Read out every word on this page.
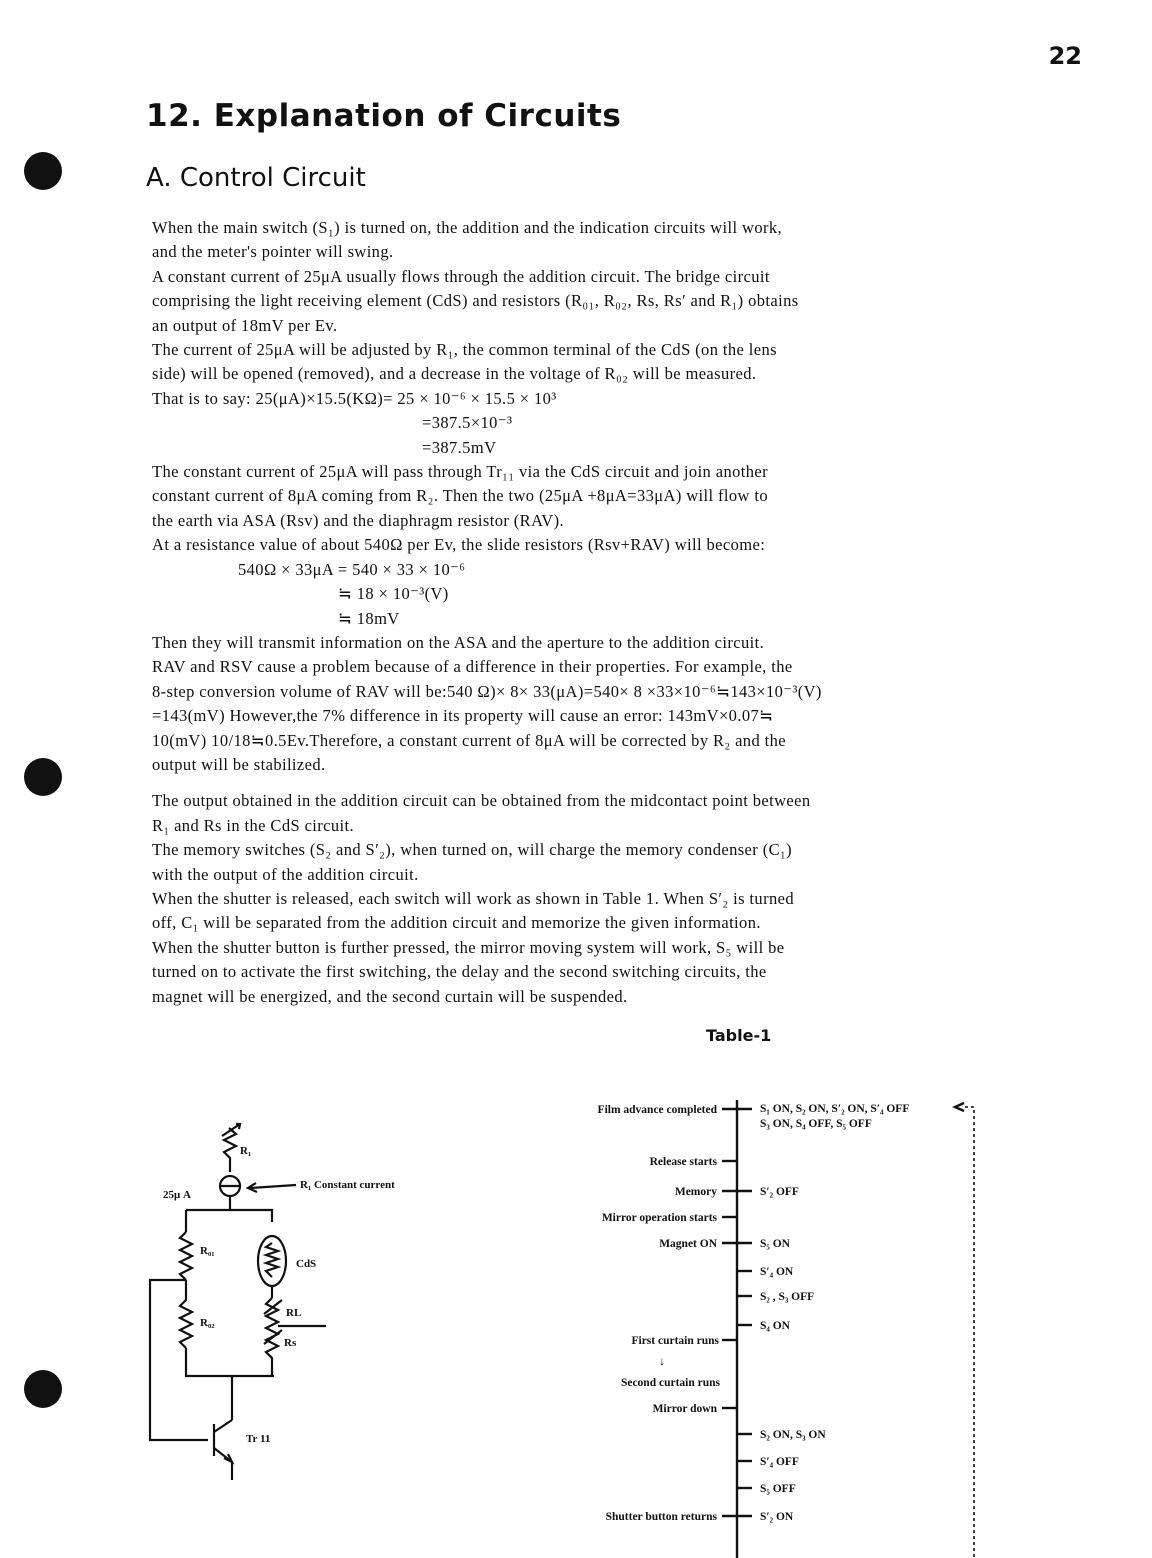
22
12. Explanation of Circuits
A. Control Circuit
When the main switch (S₁) is turned on, the addition and the indication circuits will work,
and the meter's pointer will swing.
A constant current of 25μA usually flows through the addition circuit. The bridge circuit
comprising the light receiving element (CdS) and resistors (R₀₁, R₀₂, Rs, Rs′ and R₁) obtains
an output of 18mV per Ev.
The current of 25μA will be adjusted by R₁, the common terminal of the CdS (on the lens
side) will be opened (removed), and a decrease in the voltage of R₀₂ will be measured.
That is to say: 25(μA)×15.5(KΩ)= 25 × 10⁻⁶ × 15.5 × 10³
=387.5×10⁻³
=387.5mV
The constant current of 25μA will pass through Tr₁₁ via the CdS circuit and join another
constant current of 8μA coming from R₂. Then the two (25μA +8μA=33μA) will flow to
the earth via ASA (Rsv) and the diaphragm resistor (RAV).
At a resistance value of about 540Ω per Ev, the slide resistors (Rsv+RAV) will become:
540Ω × 33μA = 540 × 33 × 10⁻⁶
≒ 18 × 10⁻³(V)
≒ 18mV
Then they will transmit information on the ASA and the aperture to the addition circuit.
RAV and RSV cause a problem because of a difference in their properties. For example, the
8-step conversion volume of RAV will be:540 Ω)× 8× 33(μA)=540× 8 ×33×10⁻⁶≒143×10⁻³(V)
=143(mV) However,the 7% difference in its property will cause an error: 143mV×0.07≒
10(mV) 10/18≒0.5Ev.Therefore, a constant current of 8μA will be corrected by R₂ and the
output will be stabilized.
The output obtained in the addition circuit can be obtained from the midcontact point between
R₁ and Rs in the CdS circuit.
The memory switches (S₂ and S′₂), when turned on, will charge the memory condenser (C₁)
with the output of the addition circuit.
When the shutter is released, each switch will work as shown in Table 1. When S′₂ is turned
off, C₁ will be separated from the addition circuit and memorize the given information.
When the shutter button is further pressed, the mirror moving system will work, S₅ will be
turned on to activate the first switching, the delay and the second switching circuits, the
magnet will be energized, and the second curtain will be suspended.
Table-1
R₁
R₁ Constant current
25μ A
R₀₁
R₀₂
CdS
RL
Rs
Tr 11
Film advance completed
Release starts
Memory
Mirror operation starts
Magnet ON
First curtain runs
↓
Second curtain runs
Mirror down
Shutter button returns
S₁ ON, S₂ ON, S′₂ ON, S′₄ OFF
S₃ ON, S₄ OFF, S₅ OFF
S′₂ OFF
S₅ ON
S′₄ ON
S₂ , S₃ OFF
S₄ ON
S₂ ON, S₃ ON
S′₄ OFF
S₅ OFF
S′₂ ON
